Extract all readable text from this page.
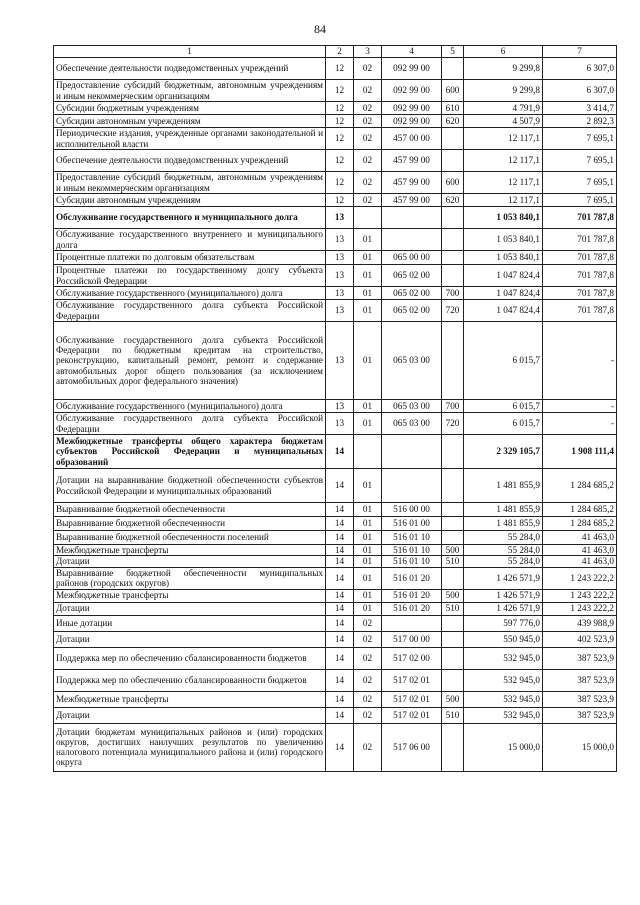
84
1	2	3	4	5	6	7
Обеспечение деятельности подведомственных учреждений	12	02	092 99 00		9 299,8	6 307,0
Предоставление субсидий бюджетным, автономным учреждениям и иным некоммерческим организациям	12	02	092 99 00	600	9 299,8	6 307,0
Субсидии бюджетным учреждениям	12	02	092 99 00	610	4 791,9	3 414,7
Субсидии автономным учреждениям	12	02	092 99 00	620	4 507,9	2 892,3
Периодические издания, учрежденные органами законодательной и исполнительной власти	12	02	457 00 00		12 117,1	7 695,1
Обеспечение деятельности подведомственных учреждений	12	02	457 99 00		12 117,1	7 695,1
Предоставление субсидий бюджетным, автономным учреждениям и иным некоммерческим организациям	12	02	457 99 00	600	12 117,1	7 695,1
Субсидии автономным учреждениям	12	02	457 99 00	620	12 117,1	7 695,1
Обслуживание государственного и муниципального долга	13				1 053 840,1	701 787,8
Обслуживание государственного внутреннего и муниципального долга	13	01			1 053 840,1	701 787,8
Процентные платежи по долговым обязательствам	13	01	065 00 00		1 053 840,1	701 787,8
Процентные платежи по государственному долгу субъекта Российской Федерации	13	01	065 02 00		1 047 824,4	701 787,8
Обслуживание государственного (муниципального) долга	13	01	065 02 00	700	1 047 824,4	701 787,8
Обслуживание государственного долга субъекта Российской Федерации	13	01	065 02 00	720	1 047 824,4	701 787,8
Обслуживание государственного долга субъекта Российской Федерации по бюджетным кредитам на строительство, реконструкцию, капитальный ремонт, ремонт и содержание автомобильных дорог общего пользования (за исключением автомобильных дорог федерального значения)	13	01	065 03 00		6 015,7	-
Обслуживание государственного (муниципального) долга	13	01	065 03 00	700	6 015,7	-
Обслуживание государственного долга субъекта Российской Федерации	13	01	065 03 00	720	6 015,7	-
Межбюджетные трансферты общего характера бюджетам субъектов Российской Федерации и муниципальных образований	14				2 329 105,7	1 908 111,4
Дотации на выравнивание бюджетной обеспеченности субъектов Российской Федерации и муниципальных образований	14	01			1 481 855,9	1 284 685,2
Выравнивание бюджетной обеспеченности	14	01	516 00 00		1 481 855,9	1 284 685,2
Выравнивание бюджетной обеспеченности	14	01	516 01 00		1 481 855,9	1 284 685,2
Выравнивание бюджетной обеспеченности поселений	14	01	516 01 10		55 284,0	41 463,0
Межбюджетные трансферты	14	01	516 01 10	500	55 284,0	41 463,0
Дотации	14	01	516 01 10	510	55 284,0	41 463,0
Выравнивание бюджетной обеспеченности муниципальных районов (городских округов)	14	01	516 01 20		1 426 571,9	1 243 222,2
Межбюджетные трансферты	14	01	516 01 20	500	1 426 571,9	1 243 222,2
Дотации	14	01	516 01 20	510	1 426 571,9	1 243 222,2
Иные дотации	14	02			597 776,0	439 988,9
Дотации	14	02	517 00 00		550 945,0	402 523,9
Поддержка мер по обеспечению сбалансированности бюджетов	14	02	517 02 00		532 945,0	387 523,9
Поддержка мер по обеспечению сбалансированности бюджетов	14	02	517 02 01		532 945,0	387 523,9
Межбюджетные трансферты	14	02	517 02 01	500	532 945,0	387 523,9
Дотации	14	02	517 02 01	510	532 945,0	387 523,9
Дотации бюджетам муниципальных районов и (или) городских округов, достигших наилучших результатов по увеличению налогового потенциала муниципального района и (или) городского округа	14	02	517 06 00		15 000,0	15 000,0
